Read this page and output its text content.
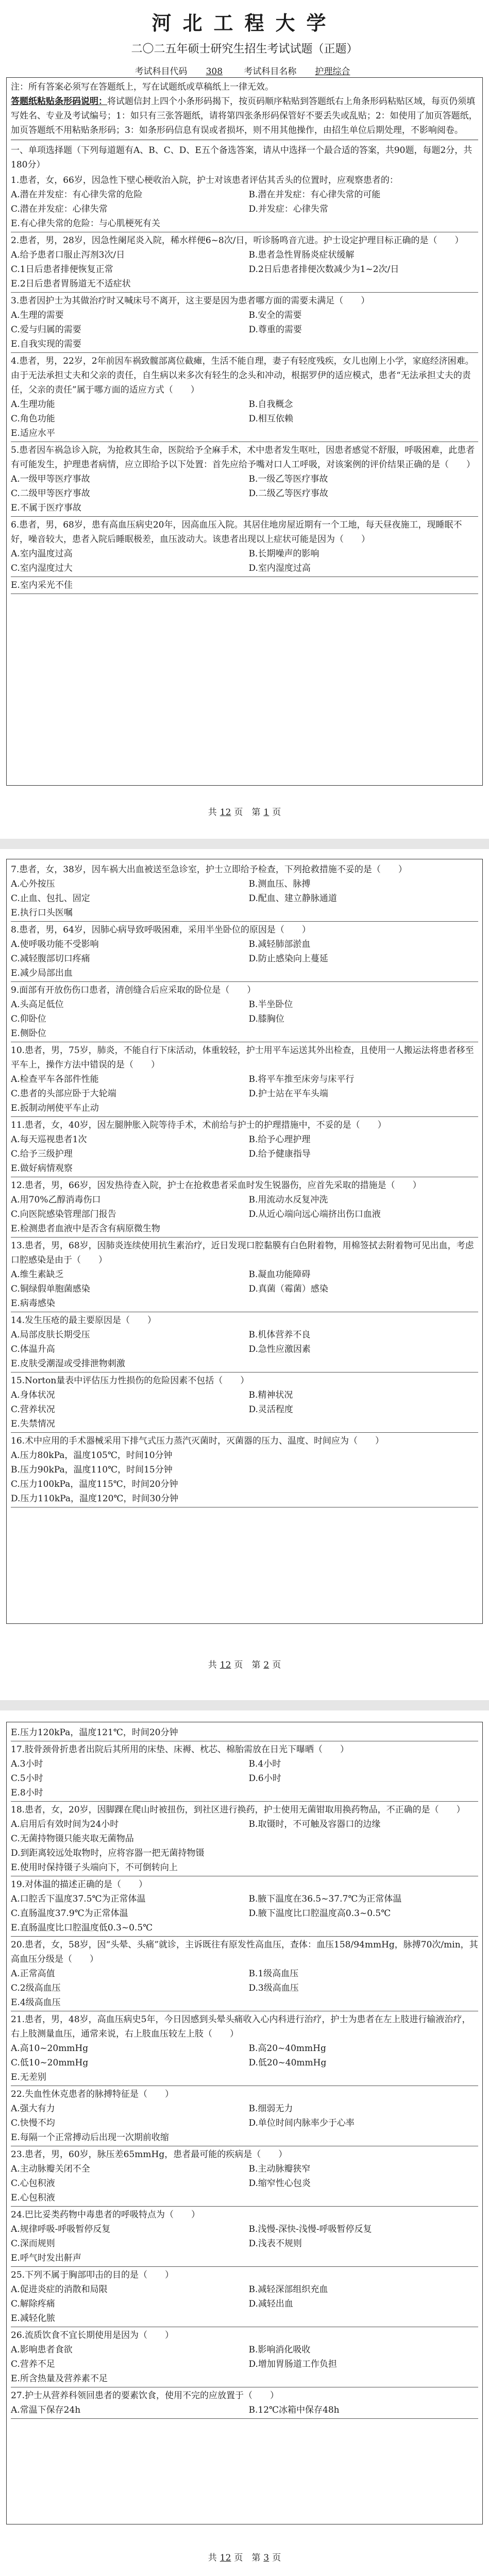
河北工程大学
二〇二五年硕士研究生招生考试试题（正题）
考试科目代码 308 考试科目名称 护理综合
注：所有答案必须写在答题纸上，写在试题纸或草稿纸上一律无效。
答题纸粘贴条形码说明：将试题信封上四个小条形码揭下，按页码顺序粘贴到答题纸右上角条形码粘贴区域，每页仍须填写姓名、专业及考试编号；1：如只有三张答题纸，请将第四张条形码保管好不要丢失或乱贴；2：如使用了加页答题纸，加页答题纸不用粘贴条形码；3：如条形码信息有误或者损坏，则不用其他操作，由招生单位后期处理，不影响阅卷。
一、单项选择题（下列每道题有A、B、C、D、E五个备选答案，请从中选择一个最合适的答案，共90题，每题2分，共180分）
1.患者，女，66岁，因急性下壁心梗收治入院，护士对该患者评估其舌头的位置时，应观察患者的：
A.潜在并发症：有心律失常的危险	B.潜在并发症：有心律失常的可能
C.潜在并发症：心律失常	D.并发症：心律失常
E.有心律失常的危险：与心肌梗死有关
2.患者，男，28岁，因急性阑尾炎入院，稀水样便6~8次/日，听诊肠鸣音亢进。护士设定护理目标正确的是（　　）
A.给予患者口服止泻剂3次/日	B.患者急性胃肠炎症状缓解
C.1日后患者排便恢复正常	D.2日后患者排便次数减少为1~2次/日
E.2日后患者胃肠道无不适症状
3.患者因护士为其做治疗时又喊床号不离开，这主要是因为患者哪方面的需要未满足（　　）
A.生理的需要	B.安全的需要
C.爱与归属的需要	D.尊重的需要
E.自我实现的需要
4.患者，男，22岁，2年前因车祸致髋部离位截瘫，生活不能自理，妻子有轻度残疾，女儿也刚上小学，家庭经济困难。由于无法承担丈夫和父亲的责任，自生病以来多次有轻生的念头和冲动，根据罗伊的适应模式，患者“无法承担丈夫的责任，父亲的责任”属于哪方面的适应方式（　　）
A.生理功能	B.自我概念
C.角色功能	D.相互依赖
E.适应水平
5.患者因车祸急诊入院，为抢救其生命，医院给予全麻手术，术中患者发生呕吐，因患者感觉不舒服，呼吸困难，此患者有可能发生，护理患者病情，应立即给予以下处置：首先应给予嘴对口人工呼吸，对该案例的评价结果正确的是（　　）
A.一级甲等医疗事故	B.一级乙等医疗事故
C.二级甲等医疗事故	D.二级乙等医疗事故
E.不属于医疗事故
6.患者，男，68岁，患有高血压病史20年，因高血压入院。其居住地房屋近期有一个工地，每天昼夜施工，现睡眠不好，噪音较大，患者入院后睡眠极差，血压波动大。该患者出现以上症状可能是因为（　　）
A.室内温度过高	B.长期噪声的影响
C.室内湿度过大	D.室内湿度过高
E.室内采光不佳
共 12 页　第 1 页
7.患者，女，38岁，因车祸大出血被送至急诊室，护士立即给予检查，下列抢救措施不妥的是（　　）
A.心外按压	B.测血压、脉搏
C.止血、包扎、固定	D.配血、建立静脉通道
E.执行口头医嘱
8.患者，男，64岁，因肺心病导致呼吸困难，采用半坐卧位的原因是（　　）
A.使呼吸功能不受影响	B.减轻肺部淤血
C.减轻腹部切口疼痛	D.防止感染向上蔓延
E.减少局部出血
9.面部有开放伤伤口患者，清创缝合后应采取的卧位是（　　）
A.头高足低位	B.半坐卧位
C.仰卧位	D.膝胸位
E.侧卧位
10.患者，男，75岁，肺炎，不能自行下床活动，体重较轻，护士用平车运送其外出检查，且使用一人搬运法将患者移至平车上，操作方法中错误的是（　　）
A.检查平车各部件性能	B.将平车推至床旁与床平行
C.患者的头部应卧于大轮端	D.护士站在平车头端
E.扳制动闸使平车止动
11.患者，女，40岁，因左腿肿胀入院等待手术，术前给与护士的护理措施中，不妥的是（　　）
A.每天巡视患者1次	B.给予心理护理
C.给予三级护理	D.给予健康指导
E.做好病情观察
12.患者，男，66岁，因发热待查入院，护士在抢救患者采血时发生锐器伤，应首先采取的措施是（　　）
A.用70%乙醇消毒伤口	B.用流动水反复冲洗
C.向医院感染管理部门报告	D.从近心端向远心端挤出伤口血液
E.检测患者血液中是否含有病原微生物
13.患者，男，68岁，因肺炎连续使用抗生素治疗，近日发现口腔黏膜有白色附着物，用棉签拭去附着物可见出血，考虑口腔感染是由于（　　）
A.维生素缺乏	B.凝血功能障碍
C.铜绿假单胞菌感染	D.真菌（霉菌）感染
E.病毒感染
14.发生压疮的最主要原因是（　　）
A.局部皮肤长期受压	B.机体营养不良
C.体温升高	D.急性应激因素
E.皮肤受潮湿或受排泄物刺激
15.Norton量表中评估压力性损伤的危险因素不包括（　　）
A.身体状况	B.精神状况
C.营养状况	D.灵活程度
E.失禁情况
16.术中应用的手术器械采用下排气式压力蒸汽灭菌时，灭菌器的压力、温度、时间应为（　　）
A.压力80kPa，温度105℃，时间10分钟
B.压力90kPa，温度110℃，时间15分钟
C.压力100kPa，温度115℃，时间20分钟
D.压力110kPa，温度120℃，时间30分钟
共 12 页　第 2 页
E.压力120kPa，温度121℃，时间20分钟
17.肢骨颈骨折患者出院后其所用的床垫、床褥、枕芯、棉胎需放在日光下曝晒（　　）
A.3小时	B.4小时
C.5小时	D.6小时
E.8小时
18.患者，女，20岁，因脚踝在爬山时被扭伤，到社区进行换药，护士使用无菌钳取用换药物品，不正确的是（　　）
A.启用后有效时间为24小时	B.取镊时，不可触及容器口的边缘
C.无菌持物镊只能夹取无菌物品
D.到距离较远处取物时，应将容器一把无菌持物镊
E.使用时保持镊子头端向下，不可倒转向上
19.对体温的描述正确的是（　　）
A.口腔舌下温度37.5℃为正常体温	B.腋下温度在36.5~37.7℃为正常体温
C.直肠温度37.9℃为正常体温	D.腋下温度比口腔温度高0.3~0.5℃
E.直肠温度比口腔温度低0.3~0.5℃
20.患者，女，58岁，因“头晕、头痛”就诊，主诉既往有原发性高血压，查体：血压158/94mmHg，脉搏70次/min，其高血压分级是（　　）
A.正常高值	B.1级高血压
C.2级高血压	D.3级高血压
E.4级高血压
21.患者，男，48岁，高血压病史5年，今日因感到头晕头痛收入心内科进行治疗，护士为患者在左上肢进行输液治疗，右上肢测量血压，通常来说，右上肢血压较左上肢（　　）
A.高10~20mmHg	B.高20~40mmHg
C.低10~20mmHg	D.低20~40mmHg
E.无差别
22.失血性休克患者的脉搏特征是（　　）
A.强大有力	B.细弱无力
C.快慢不均	D.单位时间内脉率少于心率
E.每隔一个正常搏动后出现一次期前收缩
23.患者，男，60岁，脉压差65mmHg，患者最可能的疾病是（　　）
A.主动脉瓣关闭不全	B.主动脉瓣狭窄
C.心包积液	D.缩窄性心包炎
E.心包积液
24.巴比妥类药物中毒患者的呼吸特点为（　　）
A.规律呼吸-呼吸暂停反复	B.浅慢-深快-浅慢-呼吸暂停反复
C.深而规则	D.浅表不规则
E.呼气时发出鼾声
25.下列不属于胸部叩击的目的是（　　）
A.促进炎症的消散和局限	B.减轻深部组织充血
C.解除疼痛	D.减轻出血
E.减轻化脓
26.流质饮食不宜长期使用是因为（　　）
A.影响患者食欲	B.影响消化吸收
C.营养不足	D.增加胃肠道工作负担
E.所含热量及营养素不足
27.护士从营养科领回患者的要素饮食，使用不完的应放置于（　　）
A.常温下保存24h	B.12℃冰箱中保存48h
共 12 页　第 3 页
